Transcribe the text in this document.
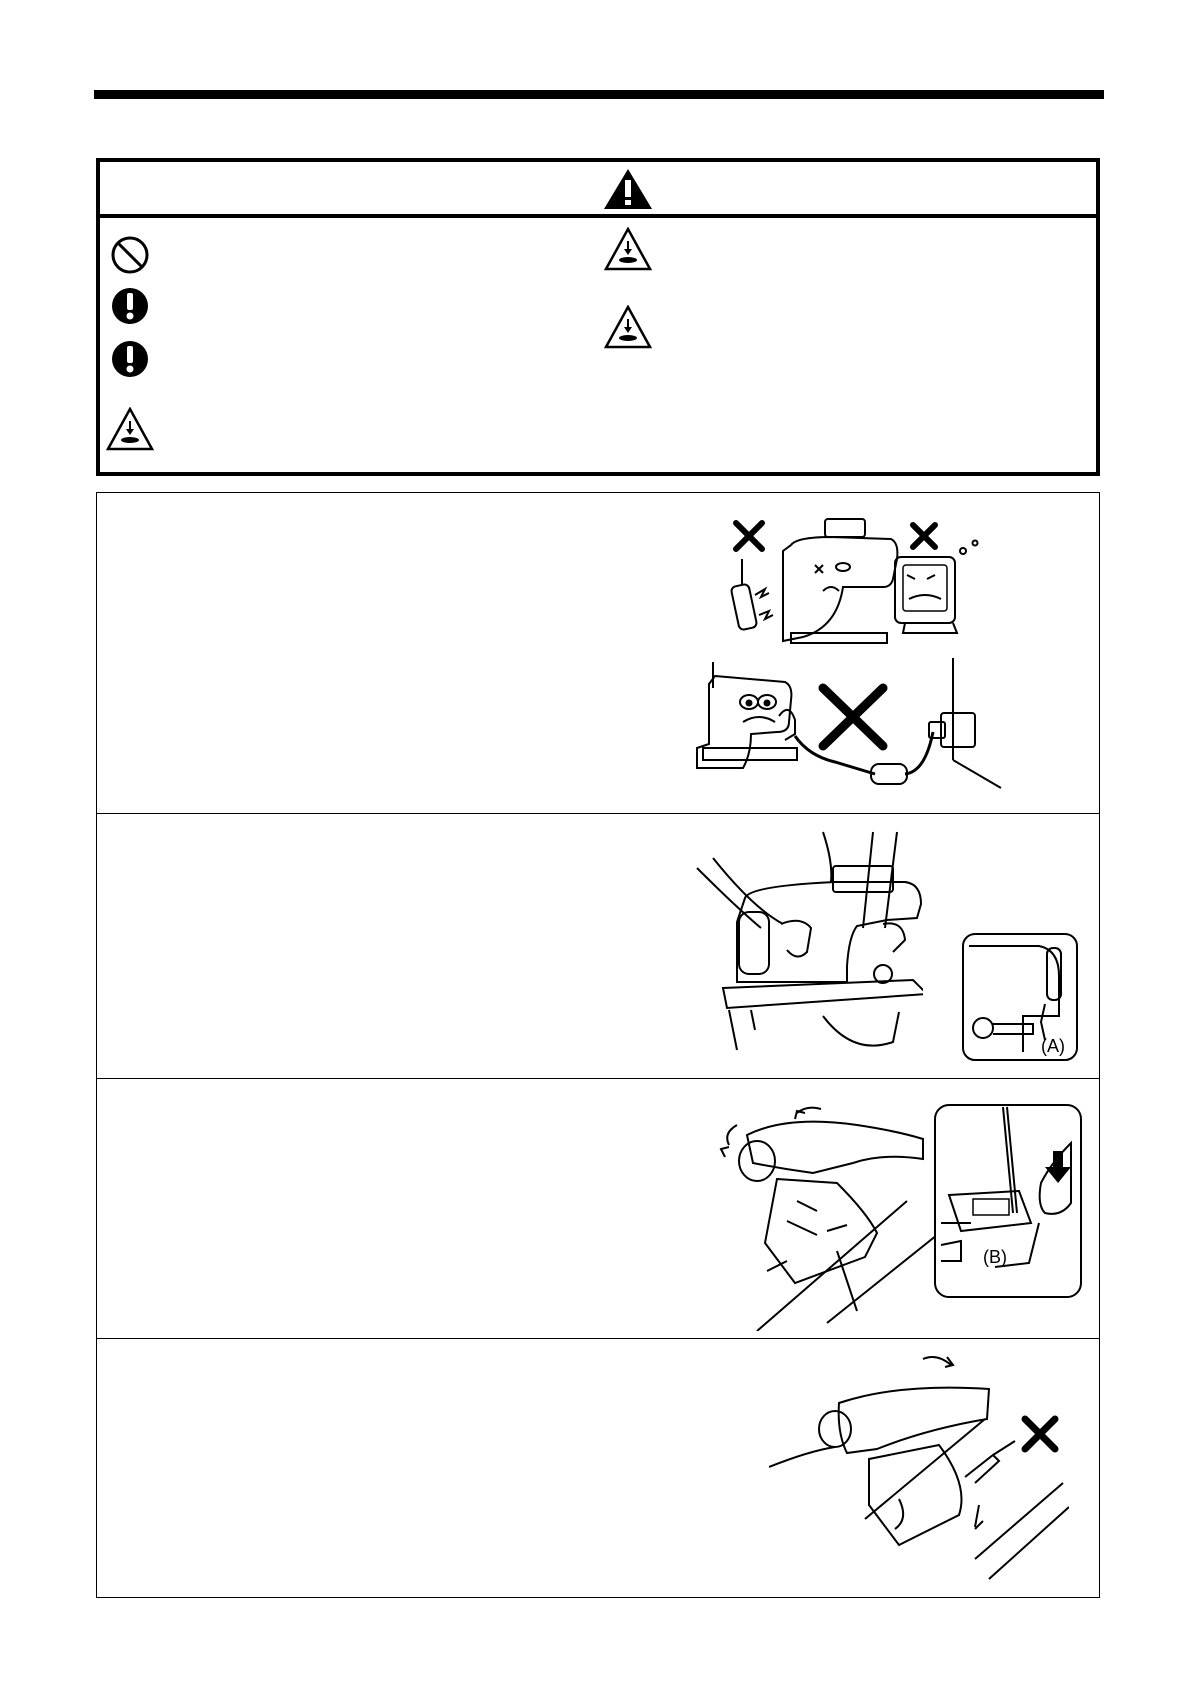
(A)
(B)
